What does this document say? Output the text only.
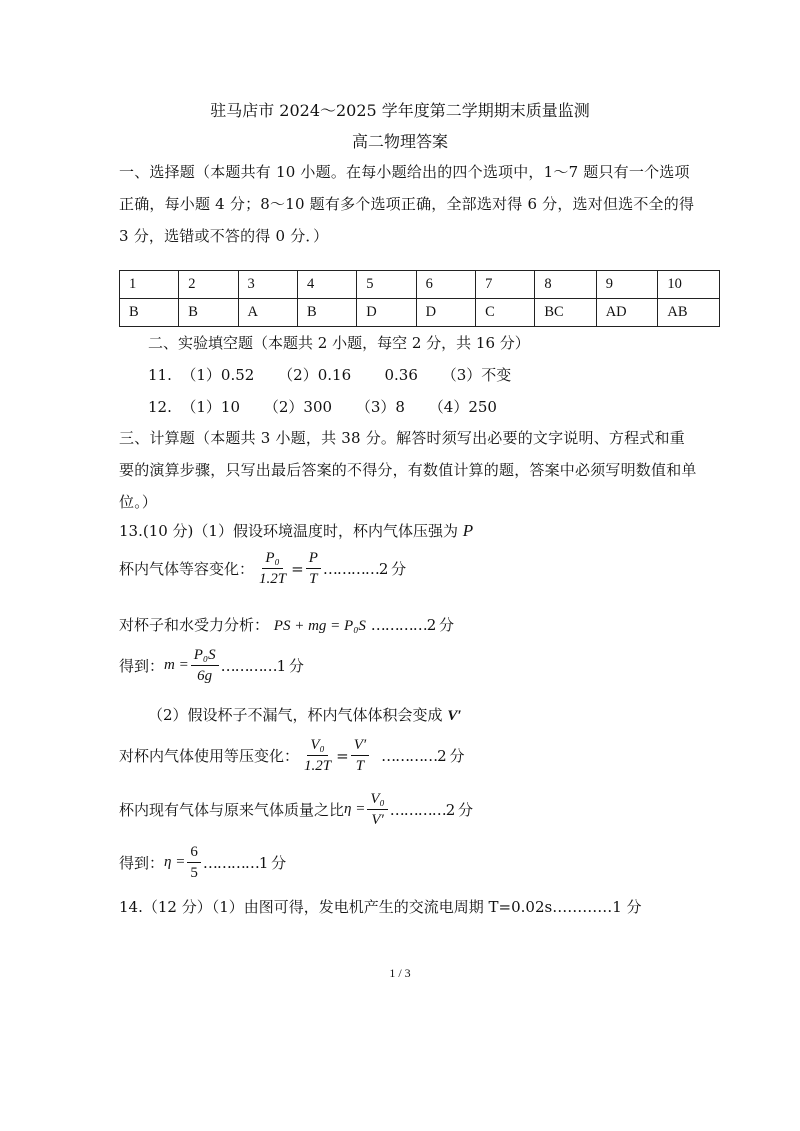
驻马店市 2024～2025 学年度第二学期期末质量监测
高二物理答案
一、选择题（本题共有 10 小题。在每小题给出的四个选项中，1～7 题只有一个选项正确，每小题 4 分；8～10 题有多个选项正确，全部选对得 6 分，选对但选不全的得 3 分，选错或不答的得 0 分．）
1	2	3	4	5	6	7	8	9	10
B	B	A	B	D	D	C	BC	AD	AB
二、实验填空题（本题共 2 小题，每空 2 分，共 16 分）
11.  （1）0.52     （2）0.16       0.36     （3）不变
12.  （1）10     （2）300     （3）8     （4）250
三、计算题（本题共 3 小题，共 38 分。解答时须写出必要的文字说明、方程式和重要的演算步骤，只写出最后答案的不得分，有数值计算的题，答案中必须写明数值和单位。）
13.(10 分)（1）假设环境温度时，杯内气体压强为 P
杯内气体等容变化： $\frac{\text{P₀}}{1.2T} = \frac{P}{T}$ …………2 分
对杯子和水受力分析： PS + mg = P₀S …………2 分
得到： $m = \frac{\text{P₀S}}{6g}$ …………1 分
（2）假设杯子不漏气，杯内气体体积会变成 V′
对杯内气体使用等压变化： $\frac{\text{V₀}}{1.2T} = \frac{V'}{T}$ …………2 分
杯内现有气体与原来气体质量之比 $\eta = \frac{\text{V₀}}{V'}$ …………2 分
得到： $\eta = \frac{6}{5}$ …………1 分
14.（12 分）（1）由图可得，发电机产生的交流电周期 T=0.02s…………1 分
1 / 3
